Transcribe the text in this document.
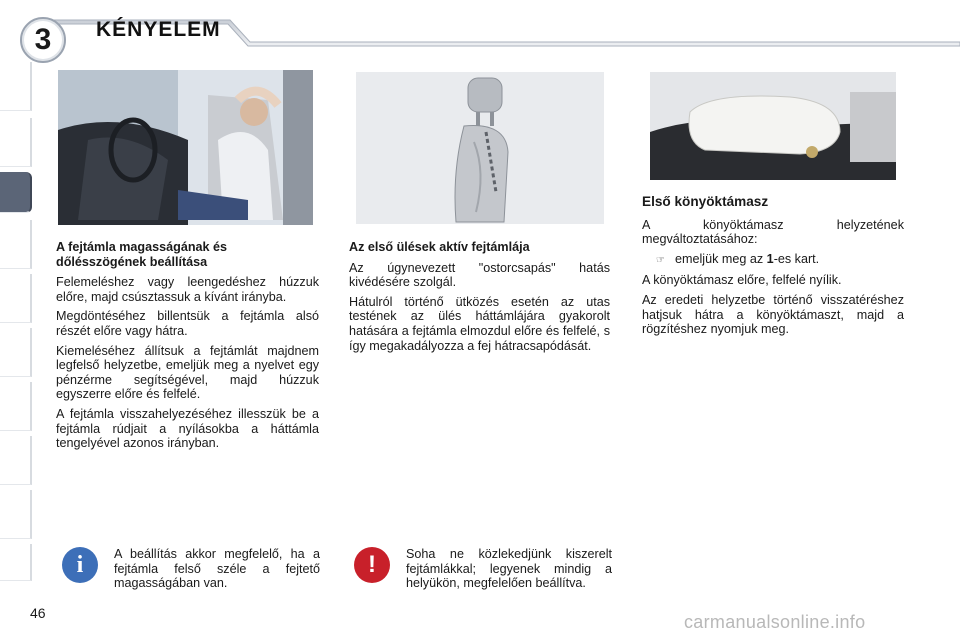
3	KÉNYELEM
A fejtámla magasságának és dőlésszögének beállítása

Felemeléshez vagy leengedéshez húzzuk előre, majd csúsztassuk a kívánt irányba.

Megdöntéséhez billentsük a fejtámla alsó részét előre vagy hátra.

Kiemeléséhez állítsuk a fejtámlát majdnem legfelső helyzetbe, emeljük meg a nyelvet egy pénzérme segítségével, majd húzzuk egyszerre előre és felfelé.

A fejtámla visszahelyezéséhez illesszük be a fejtámla rúdjait a nyílásokba a háttámla tengelyével azonos irányban.

Az első ülések aktív fejtámlája

Az úgynevezett "ostorcsapás" hatás kivédésére szolgál.

Hátulról történő ütközés esetén az utas testének az ülés háttámlájára gyakorolt hatására a fejtámla elmozdul előre és felfelé, s így megakadályozza a fej hátracsapódását.

Első könyöktámasz

A könyöktámasz helyzetének megváltoztatásához:

☞ emeljük meg az 1-es kart.

A könyöktámasz előre, felfelé nyílik.

Az eredeti helyzetbe történő visszatéréshez hatjsuk hátra a könyöktámaszt, majd a rögzítéshez nyomjuk meg.

i	A beállítás akkor megfelelő, ha a fejtámla felső széle a fejtető magasságában van.
!	Soha ne közlekedjünk kiszerelt fejtámlákkal; legyenek mindig a helyükön, megfelelően beállítva.
46	carmanualsonline.info
